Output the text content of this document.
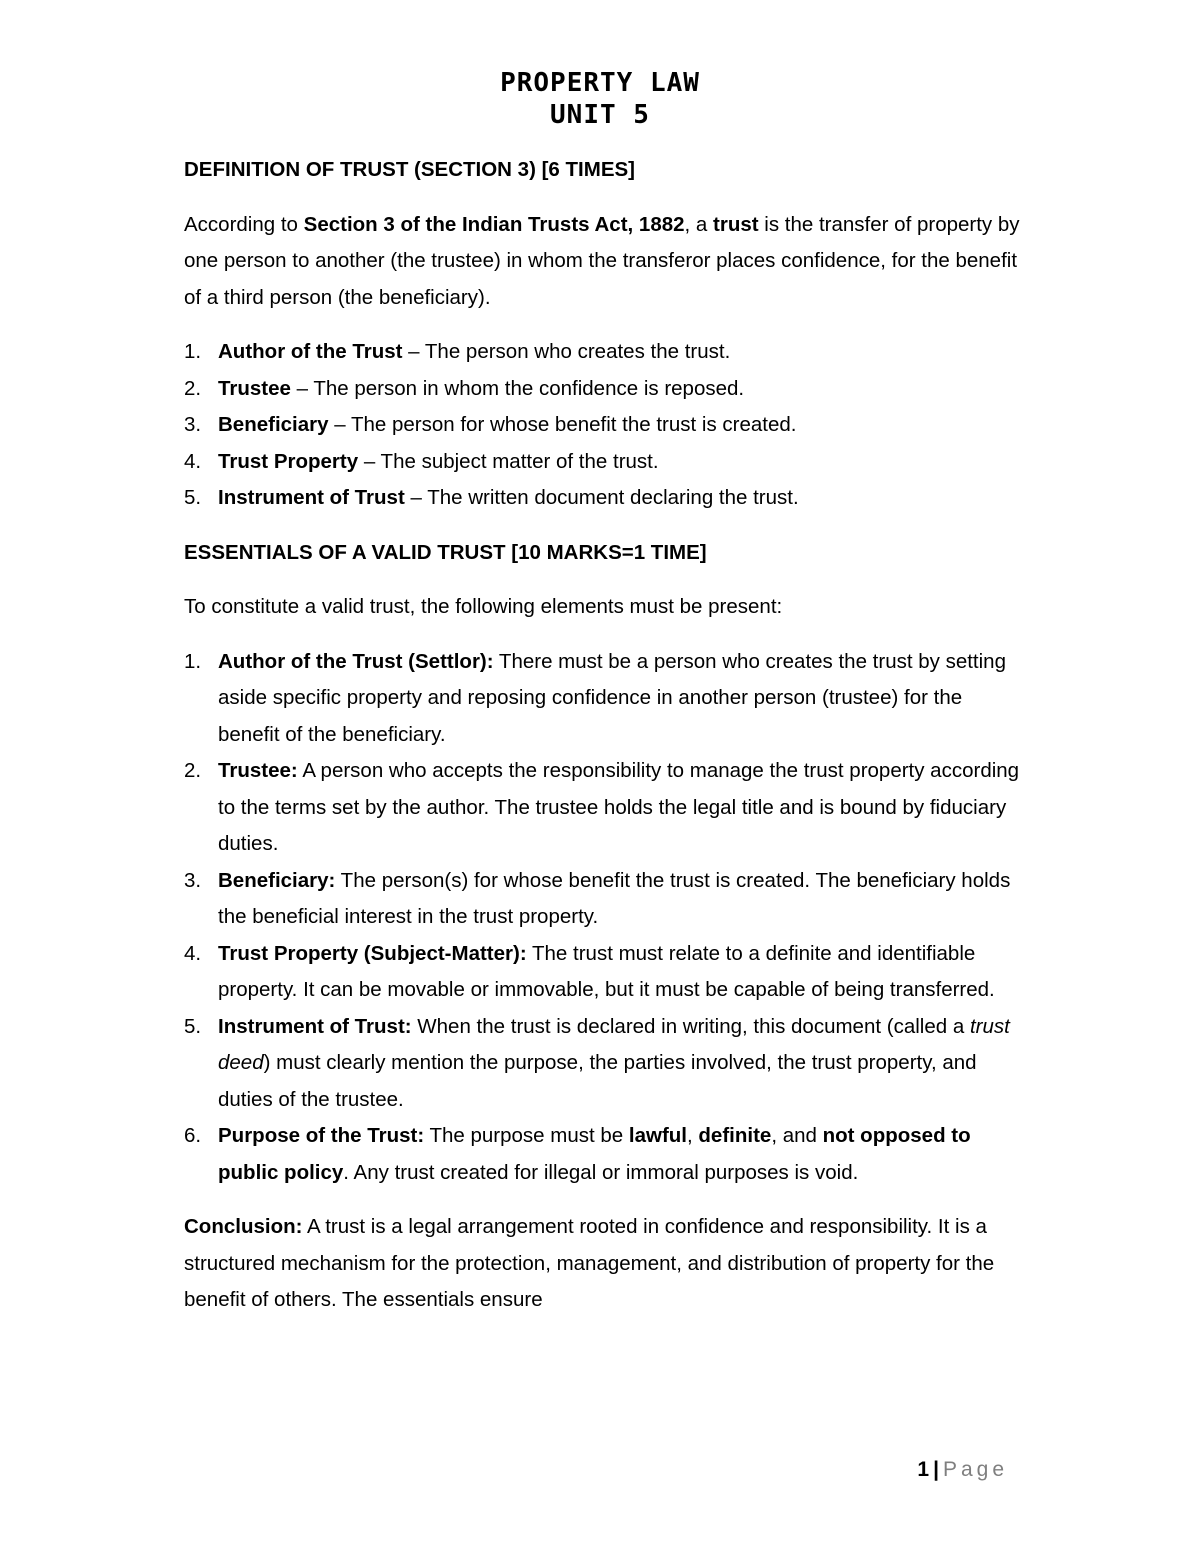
PROPERTY LAW
UNIT 5
DEFINITION OF TRUST (SECTION 3) [6 TIMES]
According to Section 3 of the Indian Trusts Act, 1882, a trust is the transfer of property by one person to another (the trustee) in whom the transferor places confidence, for the benefit of a third person (the beneficiary).
1. Author of the Trust – The person who creates the trust.
2. Trustee – The person in whom the confidence is reposed.
3. Beneficiary – The person for whose benefit the trust is created.
4. Trust Property – The subject matter of the trust.
5. Instrument of Trust – The written document declaring the trust.
ESSENTIALS OF A VALID TRUST [10 MARKS=1 TIME]
To constitute a valid trust, the following elements must be present:
1. Author of the Trust (Settlor): There must be a person who creates the trust by setting aside specific property and reposing confidence in another person (trustee) for the benefit of the beneficiary.
2. Trustee: A person who accepts the responsibility to manage the trust property according to the terms set by the author. The trustee holds the legal title and is bound by fiduciary duties.
3. Beneficiary: The person(s) for whose benefit the trust is created. The beneficiary holds the beneficial interest in the trust property.
4. Trust Property (Subject-Matter): The trust must relate to a definite and identifiable property. It can be movable or immovable, but it must be capable of being transferred.
5. Instrument of Trust: When the trust is declared in writing, this document (called a trust deed) must clearly mention the purpose, the parties involved, the trust property, and duties of the trustee.
6. Purpose of the Trust: The purpose must be lawful, definite, and not opposed to public policy. Any trust created for illegal or immoral purposes is void.
Conclusion: A trust is a legal arrangement rooted in confidence and responsibility. It is a structured mechanism for the protection, management, and distribution of property for the benefit of others. The essentials ensure
1 | Page
